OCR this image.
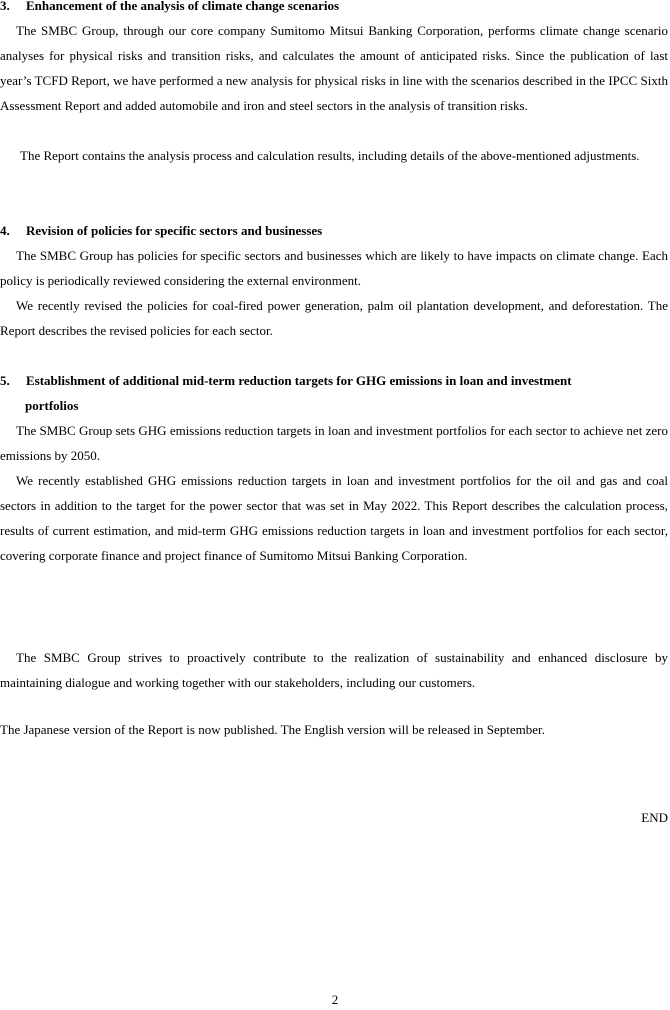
3. Enhancement of the analysis of climate change scenarios

The SMBC Group, through our core company Sumitomo Mitsui Banking Corporation, performs climate change scenario analyses for physical risks and transition risks, and calculates the amount of anticipated risks. Since the publication of last year’s TCFD Report, we have performed a new analysis for physical risks in line with the scenarios described in the IPCC Sixth Assessment Report and added automobile and iron and steel sectors in the analysis of transition risks.

The Report contains the analysis process and calculation results, including details of the above-mentioned adjustments.

4. Revision of policies for specific sectors and businesses

The SMBC Group has policies for specific sectors and businesses which are likely to have impacts on climate change. Each policy is periodically reviewed considering the external environment.

We recently revised the policies for coal-fired power generation, palm oil plantation development, and deforestation. The Report describes the revised policies for each sector.

5. Establishment of additional mid-term reduction targets for GHG emissions in loan and investment
portfolios

The SMBC Group sets GHG emissions reduction targets in loan and investment portfolios for each sector to achieve net zero emissions by 2050.

We recently established GHG emissions reduction targets in loan and investment portfolios for the oil and gas and coal sectors in addition to the target for the power sector that was set in May 2022. This Report describes the calculation process, results of current estimation, and mid-term GHG emissions reduction targets in loan and investment portfolios for each sector, covering corporate finance and project finance of Sumitomo Mitsui Banking Corporation.

The SMBC Group strives to proactively contribute to the realization of sustainability and enhanced disclosure by maintaining dialogue and working together with our stakeholders, including our customers.

The Japanese version of the Report is now published. The English version will be released in September.

END
2
